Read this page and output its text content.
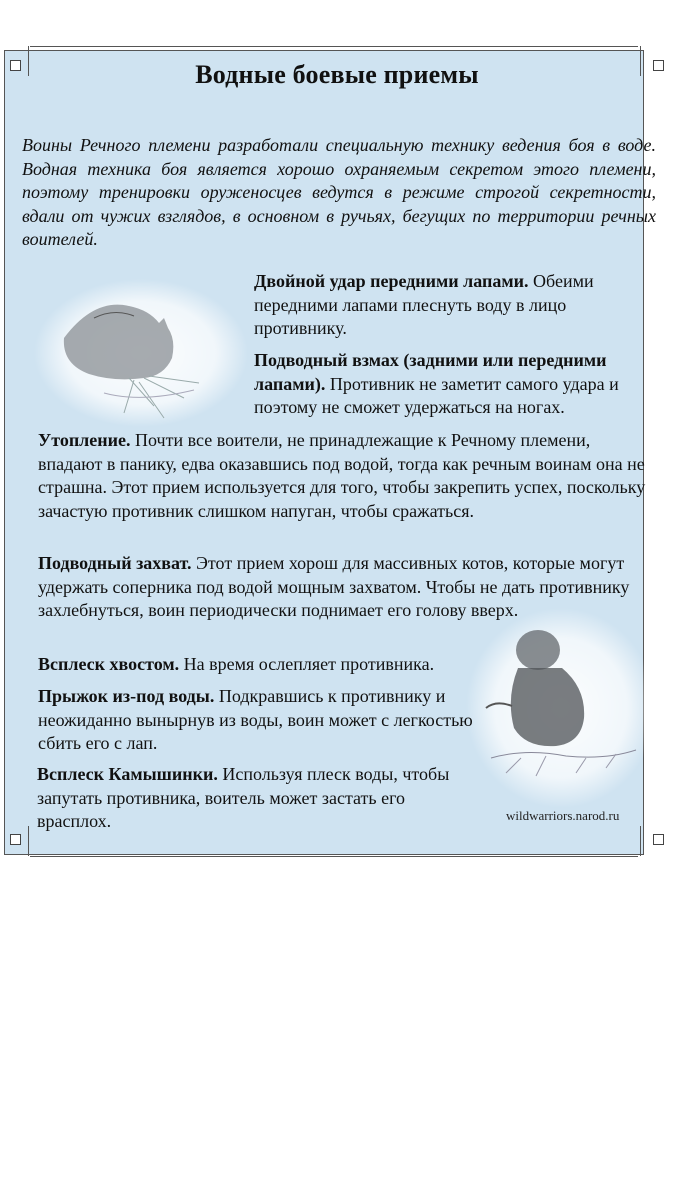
Водные боевые приемы
Воины Речного племени разработали специальную технику ведения боя в воде. Водная техника боя является хорошо охраняемым секретом этого племени, поэтому тренировки оруженосцев ведутся в режиме строгой секретности, вдали от чужих взглядов, в основном в ручьях, бегущих по территории речных воителей.
Двойной удар передними лапами. Обеими передними лапами плеснуть воду в лицо противнику.
Подводный взмах (задними или передними лапами). Противник не заметит самого удара и поэтому не сможет удержаться на ногах.
Утопление. Почти все воители, не принадлежащие к Речному племени, впадают в панику, едва оказавшись под водой, тогда как речным воинам она не страшна. Этот прием используется для того, чтобы закрепить успех, поскольку зачастую противник слишком напуган, чтобы сражаться.
Подводный захват. Этот прием хорош для массивных котов, которые могут удержать соперника под водой мощным захватом. Чтобы не дать противнику захлебнуться, воин периодически поднимает его голову вверх.
Всплеск хвостом. На время ослепляет противника.
Прыжок из-под воды. Подкравшись к противнику и неожиданно вынырнув из воды, воин может с легкостью сбить его с лап.
Всплеск Камышинки. Используя плеск воды, чтобы запутать противника, воитель может застать его врасплох.	wildwarriors.narod.ru
